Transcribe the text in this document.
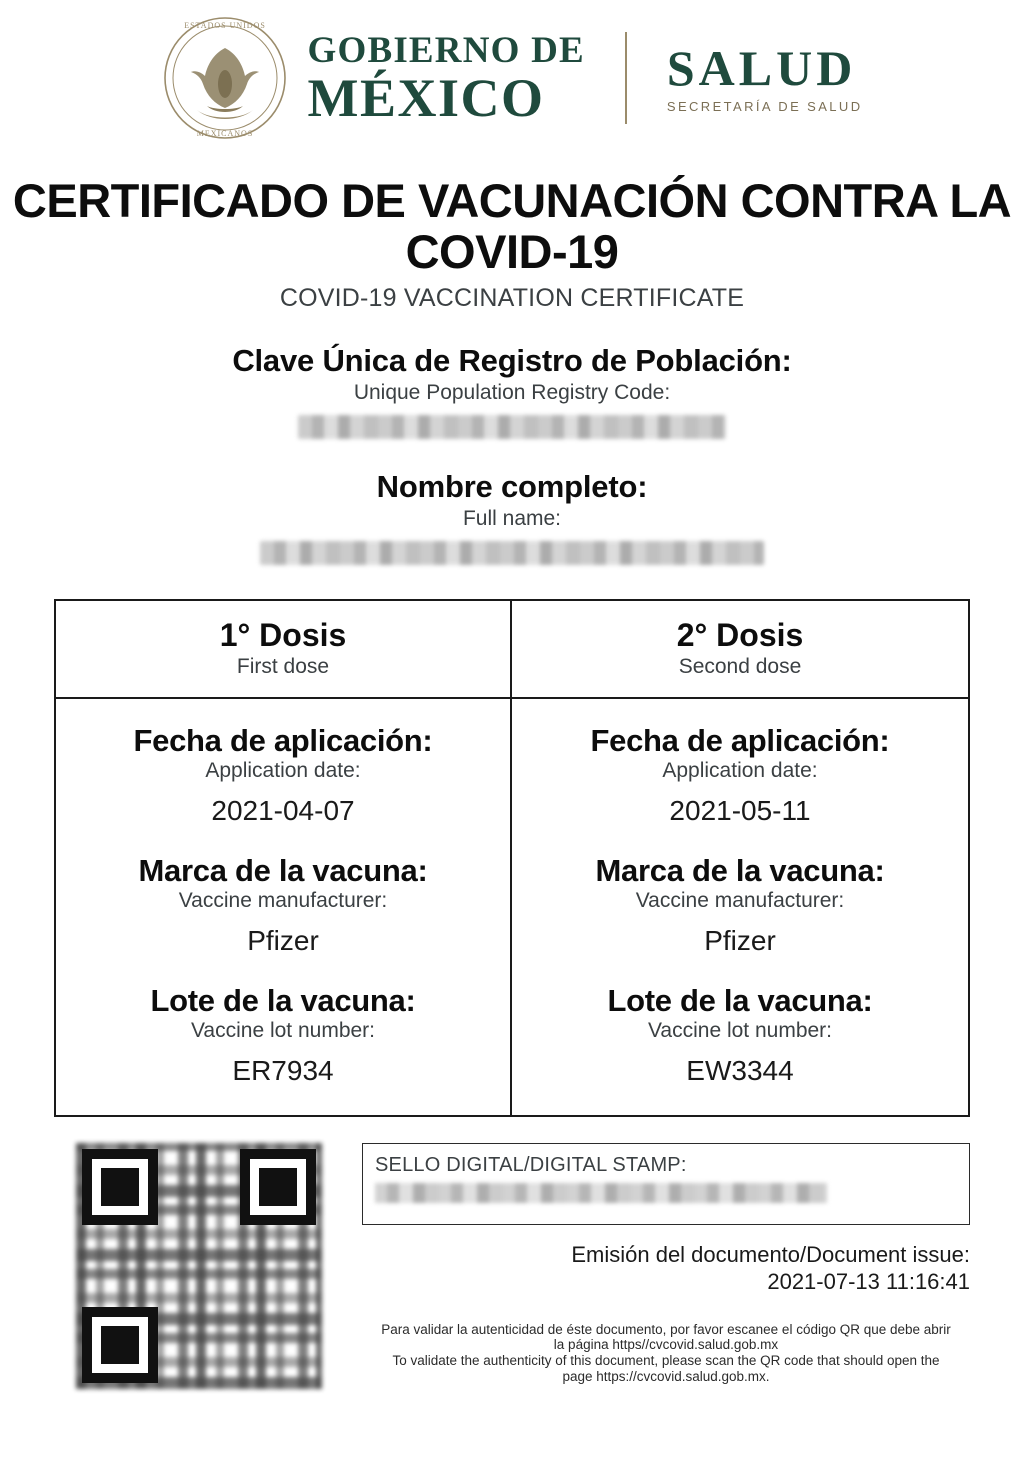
ESTADOS UNIDOS
MEXICANOS
GOBIERNO DE
MÉXICO	SALUD
SECRETARÍA DE SALUD
CERTIFICADO DE VACUNACIÓN CONTRA LA COVID-19
COVID-19 VACCINATION CERTIFICATE
Clave Única de Registro de Población:
Unique Population Registry Code:
Nombre completo:
Full name:
1° Dosis
First dose
2° Dosis
Second dose
Fecha de aplicación:
Application date:
2021-04-07
Marca de la vacuna:
Vaccine manufacturer:
Pfizer
Lote de la vacuna:
Vaccine lot number:
ER7934
Fecha de aplicación:
Application date:
2021-05-11
Marca de la vacuna:
Vaccine manufacturer:
Pfizer
Lote de la vacuna:
Vaccine lot number:
EW3344
SELLO DIGITAL/DIGITAL STAMP:
Emisión del documento/Document issue:
2021-07-13 11:16:41
Para validar la autenticidad de éste documento, por favor escanee el código QR que debe abrir la página https//cvcovid.salud.gob.mx
To validate the authenticity of this document, please scan the QR code that should open the page https://cvcovid.salud.gob.mx.
